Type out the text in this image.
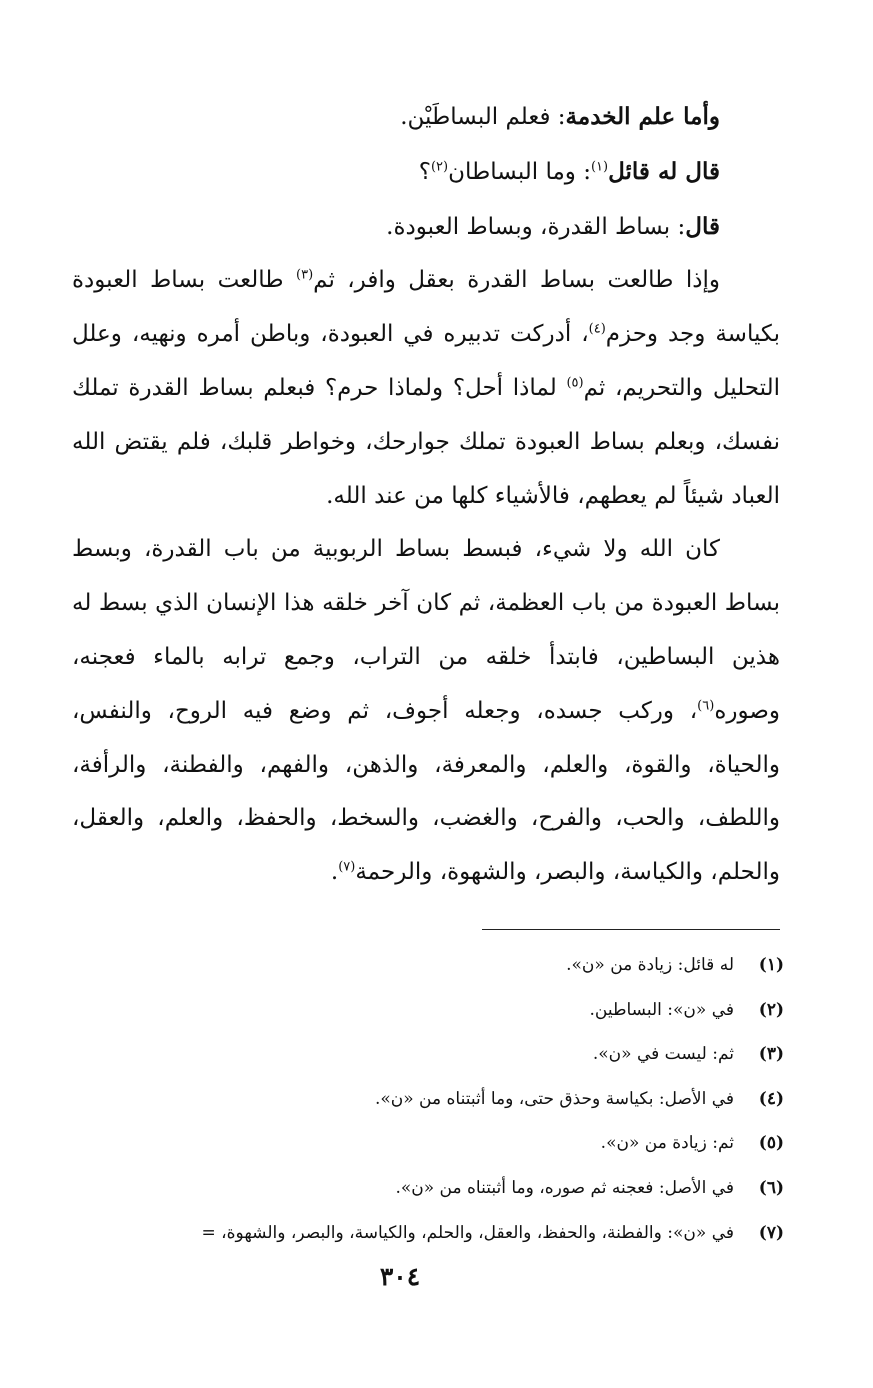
وأما علم الخدمة: فعلم البساطَيْن.

قال له قائل$^{(١)}$: وما البساطان$^{(٢)}$؟

قال: بساط القدرة، وبساط العبودة.

وإذا طالعت بساط القدرة بعقل وافر، ثم$^{(٣)}$ طالعت بساط العبودة بكياسة وجد وحزم$^{(٤)}$، أدركت تدبيره في العبودة، وباطن أمره ونهيه، وعلل التحليل والتحريم، ثم$^{(٥)}$ لماذا أحل؟ ولماذا حرم؟ فبعلم بساط القدرة تملك نفسك، وبعلم بساط العبودة تملك جوارحك، وخواطر قلبك، فلم يقتض الله العباد شيئاً لم يعطهم، فالأشياء كلها من عند الله.

كان الله ولا شيء، فبسط بساط الربوبية من باب القدرة، وبسط بساط العبودة من باب العظمة، ثم كان آخر خلقه هذا الإنسان الذي بسط له هذين البساطين، فابتدأ خلقه من التراب، وجمع ترابه بالماء فعجنه، وصوره$^{(٦)}$، وركب جسده، وجعله أجوف، ثم وضع فيه الروح، والنفس، والحياة، والقوة، والعلم، والمعرفة، والذهن، والفهم، والفطنة، والرأفة، واللطف، والحب، والفرح، والغضب، والسخط، والحفظ، والعلم، والعقل، والحلم، والكياسة، والبصر، والشهوة، والرحمة$^{(٧)}$.

(١)
له قائل: زيادة من «ن».
(٢)
في «ن»: البساطين.
(٣)
ثم: ليست في «ن».
(٤)
في الأصل: بكياسة وحذق حتى، وما أثبتناه من «ن».
(٥)
ثم: زيادة من «ن».
(٦)
في الأصل: فعجنه ثم صوره، وما أثبتناه من «ن».
(٧)
في «ن»: والفطنة، والحفظ، والعقل، والحلم، والكياسة، والبصر، والشهوة، =
٣٠٤
